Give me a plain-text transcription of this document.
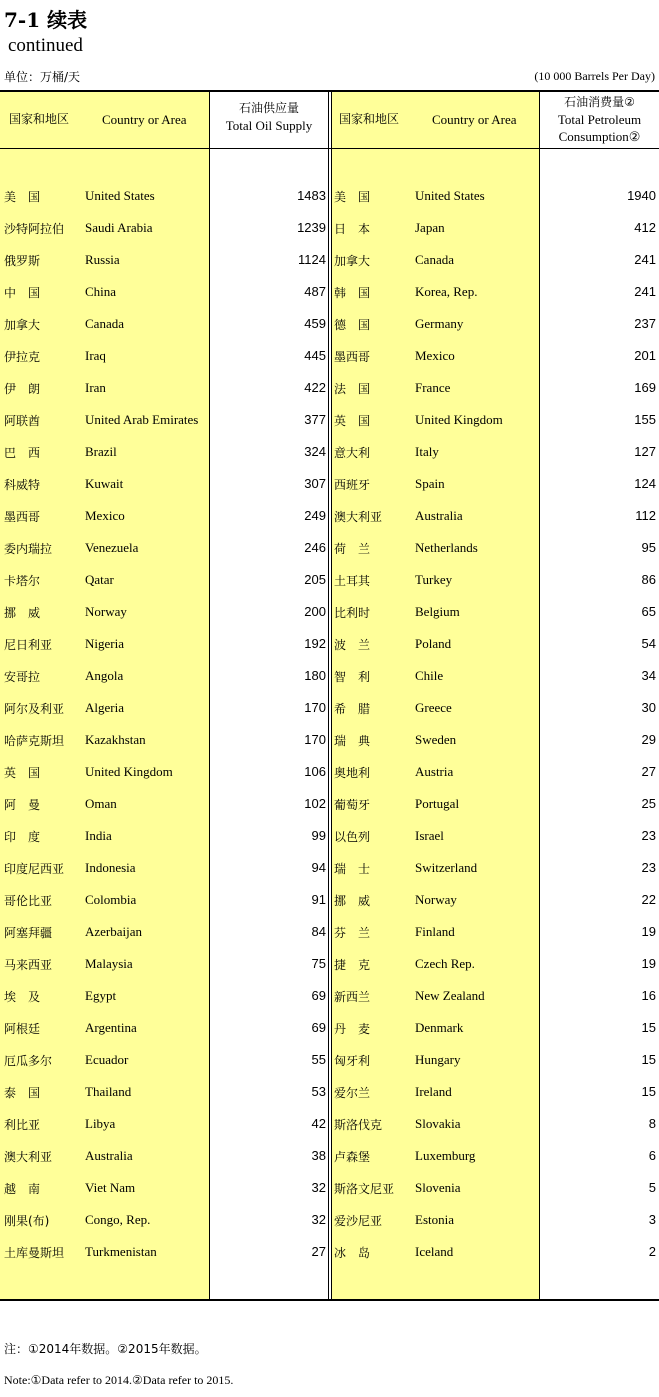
7-1 续表
continued
单位：万桶/天	(10 000 Barrels Per Day)
国家和地区	Country or Area
石油供应量
Total Oil Supply 国家和地区	Country or Area
石油消费量②
Total Petroleum
Consumption②
美　国	United States	1483 美　国	United States	1940
沙特阿拉伯 Saudi Arabia	1239 日　本	Japan	412
俄罗斯	Russia	1124 加拿大	Canada	241
中　国	China	487 韩　国	Korea, Rep.	241
加拿大	Canada	459 德　国	Germany	237
伊拉克	Iraq	445 墨西哥	Mexico	201
伊　朗	Iran	422 法　国	France	169
阿联酋	United Arab Emirates	377 英　国	United Kingdom	155
巴　西	Brazil	324 意大利	Italy	127
科威特	Kuwait	307 西班牙	Spain	124
墨西哥	Mexico	249 澳大利亚	Australia	112
委内瑞拉	Venezuela	246 荷　兰	Netherlands	95
卡塔尔	Qatar	205 土耳其	Turkey	86
挪　威	Norway	200 比利时	Belgium	65
尼日利亚	Nigeria	192 波　兰	Poland	54
安哥拉	Angola	180 智　利	Chile	34
阿尔及利亚 Algeria	170 希　腊	Greece	30
哈萨克斯坦 Kazakhstan	170 瑞　典	Sweden	29
英　国	United Kingdom	106 奥地利	Austria	27
阿　曼	Oman	102 葡萄牙	Portugal	25
印　度	India	99 以色列	Israel	23
印度尼西亚 Indonesia	94 瑞　士	Switzerland	23
哥伦比亚	Colombia	91 挪　威	Norway	22
阿塞拜疆	Azerbaijan	84 芬　兰	Finland	19
马来西亚	Malaysia	75 捷　克	Czech Rep.	19
埃　及	Egypt	69 新西兰	New Zealand	16
阿根廷	Argentina	69 丹　麦	Denmark	15
厄瓜多尔	Ecuador	55 匈牙利	Hungary	15
泰　国	Thailand	53 爱尔兰	Ireland	15
利比亚	Libya	42 斯洛伐克	Slovakia	8
澳大利亚	Australia	38 卢森堡	Luxemburg	6
越　南	Viet Nam	32 斯洛文尼亚 Slovenia	5
刚果(布)	Congo, Rep.	32 爱沙尼亚	Estonia	3
土库曼斯坦 Turkmenistan	27 冰　岛	Iceland	2
注：①2014年数据。②2015年数据。
Note:①Data refer to 2014.②Data refer to 2015.
